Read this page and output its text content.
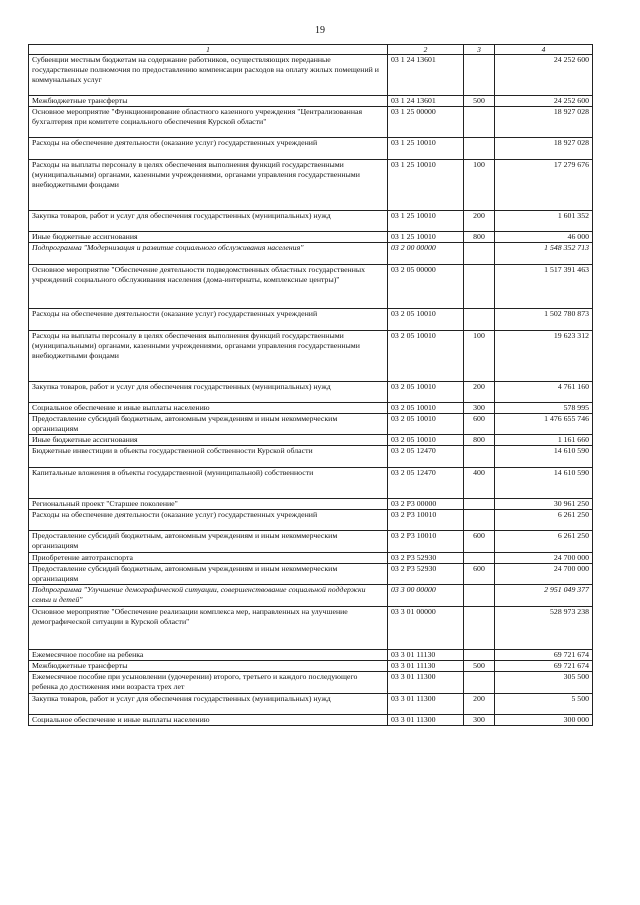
19
1	2	3	4
Субвенции местным бюджетам на содержание работников, осуществляющих переданные государственные полномочия по предоставлению компенсации расходов на оплату жилых помещений и коммунальных услуг	03 1 24 13601		24 252 600
Межбюджетные трансферты	03 1 24 13601	500	24 252 600
Основное мероприятие "Функционирование областного казенного учреждения "Централизованная бухгалтерия при комитете социального обеспечения Курской области"	03 1 25 00000		18 927 028
Расходы на обеспечение деятельности (оказание услуг) государственных учреждений	03 1 25 10010		18 927 028
Расходы на выплаты персоналу в целях обеспечения выполнения функций государственными (муниципальными) органами, казенными учреждениями, органами управления государственными внебюджетными фондами	03 1 25 10010	100	17 279 676
Закупка товаров, работ и услуг для обеспечения государственных (муниципальных) нужд	03 1 25 10010	200	1 601 352
Иные бюджетные ассигнования	03 1 25 10010	800	46 000
Подпрограмма "Модернизация и развитие социального обслуживания населения"	03 2 00 00000		1 548 352 713
Основное мероприятие "Обеспечение деятельности подведомственных областных государственных учреждений социального обслуживания населения (дома-интернаты, комплексные центры)"	03 2 05 00000		1 517 391 463
Расходы на обеспечение деятельности (оказание услуг) государственных учреждений	03 2 05 10010		1 502 780 873
Расходы на выплаты персоналу в целях обеспечения выполнения функций государственными (муниципальными) органами, казенными учреждениями, органами управления государственными внебюджетными фондами	03 2 05 10010	100	19 623 312
Закупка товаров, работ и услуг для обеспечения государственных (муниципальных) нужд	03 2 05 10010	200	4 761 160
Социальное обеспечение и иные выплаты населению	03 2 05 10010	300	578 995
Предоставление субсидий бюджетным, автономным учреждениям и иным некоммерческим организациям	03 2 05 10010	600	1 476 655 746
Иные бюджетные ассигнования	03 2 05 10010	800	1 161 660
Бюджетные инвестиции в объекты государственной собственности Курской области	03 2 05 12470		14 610 590
Капитальные вложения в объекты государственной (муниципальной) собственности	03 2 05 12470	400	14 610 590
Региональный проект "Старшее поколение"	03 2 P3 00000		30 961 250
Расходы на обеспечение деятельности (оказание услуг) государственных учреждений	03 2 P3 10010		6 261 250
Предоставление субсидий бюджетным, автономным учреждениям и иным некоммерческим организациям	03 2 P3 10010	600	6 261 250
Приобретение автотранспорта	03 2 P3 52930		24 700 000
Предоставление субсидий бюджетным, автономным учреждениям и иным некоммерческим организациям	03 2 P3 52930	600	24 700 000
Подпрограмма "Улучшение демографической ситуации, совершенствование социальной поддержки семьи и детей"	03 3 00 00000		2 951 049 377
Основное мероприятие "Обеспечение реализации комплекса мер, направленных на улучшение демографической ситуации в Курской области"	03 3 01 00000		528 973 238
Ежемесячное пособие на ребенка	03 3 01 11130		69 721 674
Межбюджетные трансферты	03 3 01 11130	500	69 721 674
Ежемесячное пособие при усыновлении (удочерении) второго, третьего и каждого последующего ребенка до достижения ими возраста трех лет	03 3 01 11300		305 500
Закупка товаров, работ и услуг для обеспечения государственных (муниципальных) нужд	03 3 01 11300	200	5 500
Социальное обеспечение и иные выплаты населению	03 3 01 11300	300	300 000
